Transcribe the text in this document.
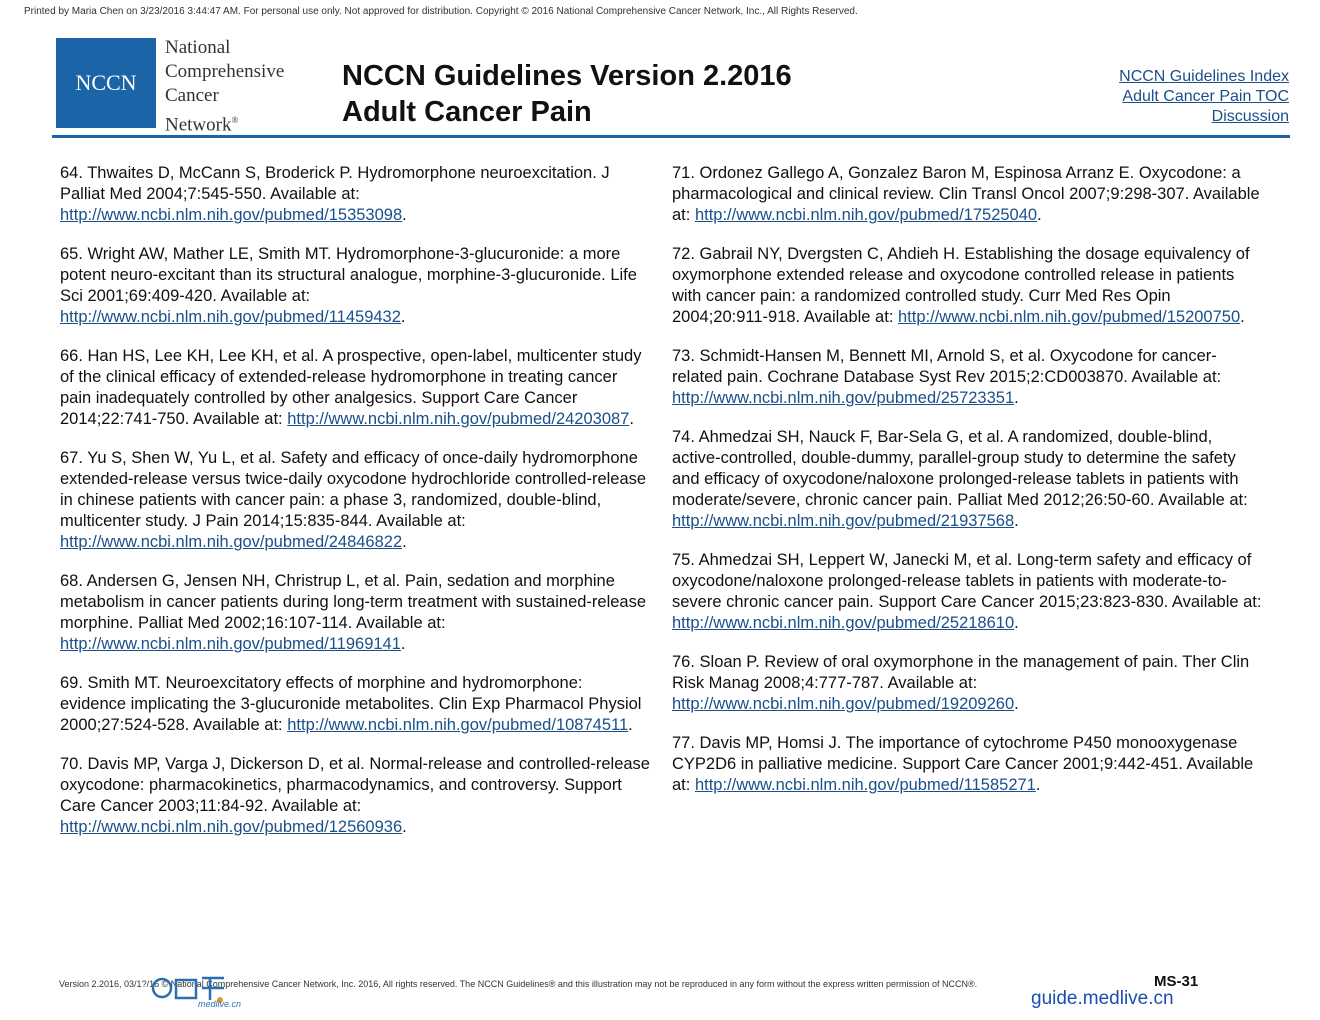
Printed by Maria Chen on 3/23/2016 3:44:47 AM. For personal use only. Not approved for distribution. Copyright © 2016 National Comprehensive Cancer Network, Inc., All Rights Reserved.
NCCN
National
Comprehensive
Cancer
Network®
NCCN Guidelines Version 2.2016
Adult Cancer Pain
NCCN Guidelines Index
Adult Cancer Pain TOC
Discussion
64. Thwaites D, McCann S, Broderick P. Hydromorphone neuroexcitation. J Palliat Med 2004;7:545-550. Available at: http://www.ncbi.nlm.nih.gov/pubmed/15353098.
65. Wright AW, Mather LE, Smith MT. Hydromorphone-3-glucuronide: a more potent neuro-excitant than its structural analogue, morphine-3-glucuronide. Life Sci 2001;69:409-420. Available at: http://www.ncbi.nlm.nih.gov/pubmed/11459432.
66. Han HS, Lee KH, Lee KH, et al. A prospective, open-label, multicenter study of the clinical efficacy of extended-release hydromorphone in treating cancer pain inadequately controlled by other analgesics. Support Care Cancer 2014;22:741-750. Available at: http://www.ncbi.nlm.nih.gov/pubmed/24203087.
67. Yu S, Shen W, Yu L, et al. Safety and efficacy of once-daily hydromorphone extended-release versus twice-daily oxycodone hydrochloride controlled-release in chinese patients with cancer pain: a phase 3, randomized, double-blind, multicenter study. J Pain 2014;15:835-844. Available at: http://www.ncbi.nlm.nih.gov/pubmed/24846822.
68. Andersen G, Jensen NH, Christrup L, et al. Pain, sedation and morphine metabolism in cancer patients during long-term treatment with sustained-release morphine. Palliat Med 2002;16:107-114. Available at: http://www.ncbi.nlm.nih.gov/pubmed/11969141.
69. Smith MT. Neuroexcitatory effects of morphine and hydromorphone: evidence implicating the 3-glucuronide metabolites. Clin Exp Pharmacol Physiol 2000;27:524-528. Available at: http://www.ncbi.nlm.nih.gov/pubmed/10874511.
70. Davis MP, Varga J, Dickerson D, et al. Normal-release and controlled-release oxycodone: pharmacokinetics, pharmacodynamics, and controversy. Support Care Cancer 2003;11:84-92. Available at: http://www.ncbi.nlm.nih.gov/pubmed/12560936.
71. Ordonez Gallego A, Gonzalez Baron M, Espinosa Arranz E. Oxycodone: a pharmacological and clinical review. Clin Transl Oncol 2007;9:298-307. Available at: http://www.ncbi.nlm.nih.gov/pubmed/17525040.
72. Gabrail NY, Dvergsten C, Ahdieh H. Establishing the dosage equivalency of oxymorphone extended release and oxycodone controlled release in patients with cancer pain: a randomized controlled study. Curr Med Res Opin 2004;20:911-918. Available at: http://www.ncbi.nlm.nih.gov/pubmed/15200750.
73. Schmidt-Hansen M, Bennett MI, Arnold S, et al. Oxycodone for cancer-related pain. Cochrane Database Syst Rev 2015;2:CD003870. Available at: http://www.ncbi.nlm.nih.gov/pubmed/25723351.
74. Ahmedzai SH, Nauck F, Bar-Sela G, et al. A randomized, double-blind, active-controlled, double-dummy, parallel-group study to determine the safety and efficacy of oxycodone/naloxone prolonged-release tablets in patients with moderate/severe, chronic cancer pain. Palliat Med 2012;26:50-60. Available at: http://www.ncbi.nlm.nih.gov/pubmed/21937568.
75. Ahmedzai SH, Leppert W, Janecki M, et al. Long-term safety and efficacy of oxycodone/naloxone prolonged-release tablets in patients with moderate-to-severe chronic cancer pain. Support Care Cancer 2015;23:823-830. Available at: http://www.ncbi.nlm.nih.gov/pubmed/25218610.
76. Sloan P. Review of oral oxymorphone in the management of pain. Ther Clin Risk Manag 2008;4:777-787. Available at: http://www.ncbi.nlm.nih.gov/pubmed/19209260.
77. Davis MP, Homsi J. The importance of cytochrome P450 monooxygenase CYP2D6 in palliative medicine. Support Care Cancer 2001;9:442-451. Available at: http://www.ncbi.nlm.nih.gov/pubmed/11585271.
Version 2.2016, 03/1?/16 © National Comprehensive Cancer Network, Inc. 2016, All rights reserved. The NCCN Guidelines® and this illustration may not be reproduced in any form without the express written permission of NCCN®.
medlive.cn
MS-31
guide.medlive.cn
